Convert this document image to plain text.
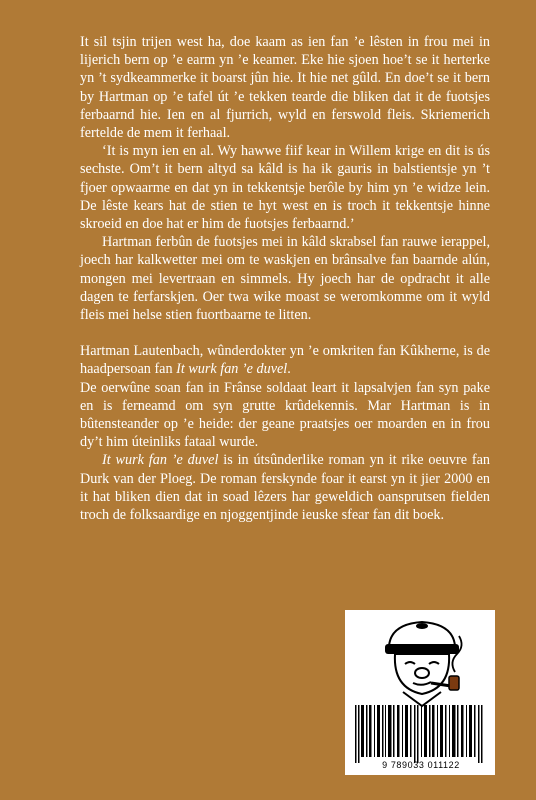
It sil tsjin trijen west ha, doe kaam as ien fan ’e lêsten in frou mei in lijerich bern op ’e earm yn ’e keamer. Eke hie sjoen hoe’t se it herterke yn ’t sydkeammerke it boarst jûn hie. It hie net gûld. En doe’t se it bern by Hartman op ’e tafel út ’e tekken tearde die bliken dat it de fuotsjes ferbaarnd hie. Ien en al fjurrich, wyld en ferswold fleis. Skriemerich fertelde de mem it ferhaal.

‘It is myn ien en al. Wy hawwe fiif kear in Willem krige en dit is ús sechste. Om’t it bern altyd sa kâld is ha ik gauris in balstientsje yn ’t fjoer opwaarme en dat yn in tekkentsje berôle by him yn ’e widze lein. De lêste kears hat de stien te hyt west en is troch it tekkentsje hinne skroeid en doe hat er him de fuotsjes ferbaarnd.’

Hartman ferbûn de fuotsjes mei in kâld skrabsel fan rauwe ierappel, joech har kalkwetter mei om te waskjen en brânsalve fan baarnde alún, mongen mei levertraan en simmels. Hy joech har de opdracht it alle dagen te ferfarskjen. Oer twa wike moast se weromkomme om it wyld fleis mei helse stien fuortbaarne te litten.

Hartman Lautenbach, wûnderdokter yn ’e omkriten fan Kûkherne, is de haadpersoan fan It wurk fan ’e duvel.

De oerwûne soan fan in Frânse soldaat leart it lapsalvjen fan syn pake en is ferneamd om syn grutte krûdekennis. Mar Hartman is in bûtensteander op ’e heide: der geane praatsjes oer moarden en in frou dy’t him úteinliks fataal wurde.

It wurk fan ’e duvel is in útsûnderlike roman yn it rike oeuvre fan Durk van der Ploeg. De roman ferskynde foar it earst yn it jier 2000 en it hat bliken dien dat in soad lêzers har geweldich oansprutsen fielden troch de folksaardige en njoggentjinde ieuske sfear fan dit boek.

9 789033 011122
